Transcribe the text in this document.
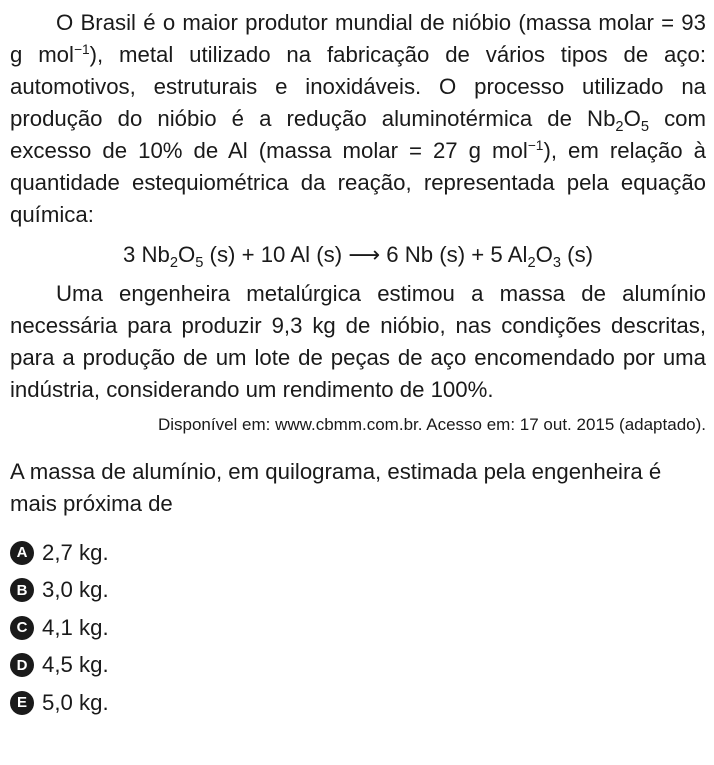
O Brasil é o maior produtor mundial de nióbio (massa molar = 93 g mol$^{-1}$), metal utilizado na fabricação de vários tipos de aço: automotivos, estruturais e inoxidáveis. O processo utilizado na produção do nióbio é a redução aluminotérmica de $Nb_2O_5$ com excesso de 10% de Al (massa molar = 27 g mol$^{-1}$), em relação à quantidade estequiométrica da reação, representada pela equação química:

3 $Nb_2O_5$ (s) + 10 Al (s) ⟶ 6 Nb (s) + 5 $Al_2O_3$ (s)

Uma engenheira metalúrgica estimou a massa de alumínio necessária para produzir 9,3 kg de nióbio, nas condições descritas, para a produção de um lote de peças de aço encomendado por uma indústria, considerando um rendimento de 100%.

Disponível em: www.cbmm.com.br. Acesso em: 17 out. 2015 (adaptado).

A massa de alumínio, em quilograma, estimada pela engenheira é mais próxima de

A 2,7 kg.
B 3,0 kg.
C 4,1 kg.
D 4,5 kg.
E 5,0 kg.
